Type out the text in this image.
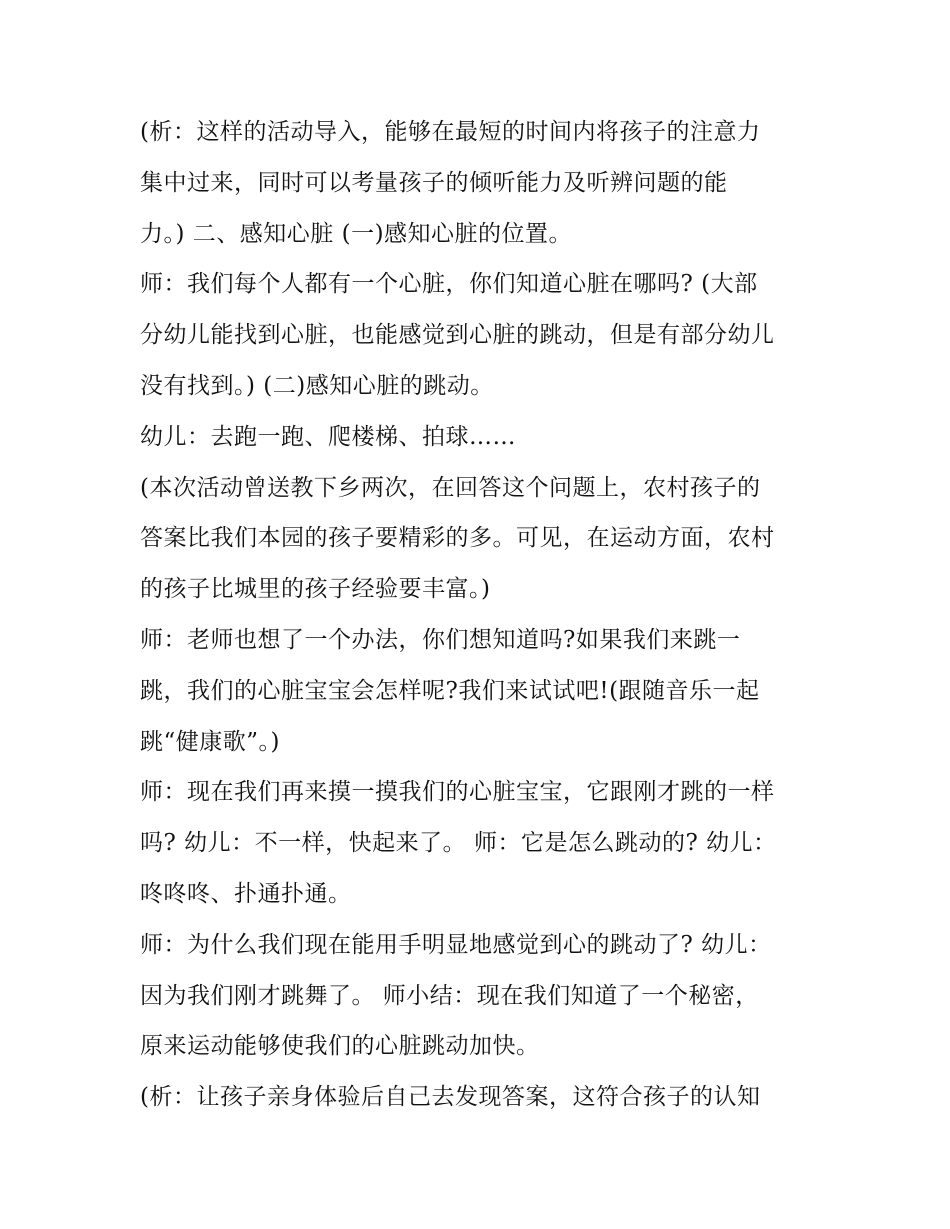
(析：这样的活动导入，能够在最短的时间内将孩子的注意力
集中过来，同时可以考量孩子的倾听能力及听辨问题的能
力。) 二、感知心脏 (一)感知心脏的位置。
师：我们每个人都有一个心脏，你们知道心脏在哪吗? (大部
分幼儿能找到心脏，也能感觉到心脏的跳动，但是有部分幼儿
没有找到。) (二)感知心脏的跳动。
幼儿：去跑一跑、爬楼梯、拍球……
(本次活动曾送教下乡两次，在回答这个问题上，农村孩子的
答案比我们本园的孩子要精彩的多。可见，在运动方面，农村
的孩子比城里的孩子经验要丰富。)
师：老师也想了一个办法，你们想知道吗?如果我们来跳一
跳，我们的心脏宝宝会怎样呢?我们来试试吧!(跟随音乐一起
跳“健康歌”。)
师：现在我们再来摸一摸我们的心脏宝宝，它跟刚才跳的一样
吗? 幼儿：不一样，快起来了。 师：它是怎么跳动的? 幼儿：
咚咚咚、扑通扑通。
师：为什么我们现在能用手明显地感觉到心的跳动了? 幼儿：
因为我们刚才跳舞了。 师小结：现在我们知道了一个秘密，
原来运动能够使我们的心脏跳动加快。
(析：让孩子亲身体验后自己去发现答案，这符合孩子的认知
